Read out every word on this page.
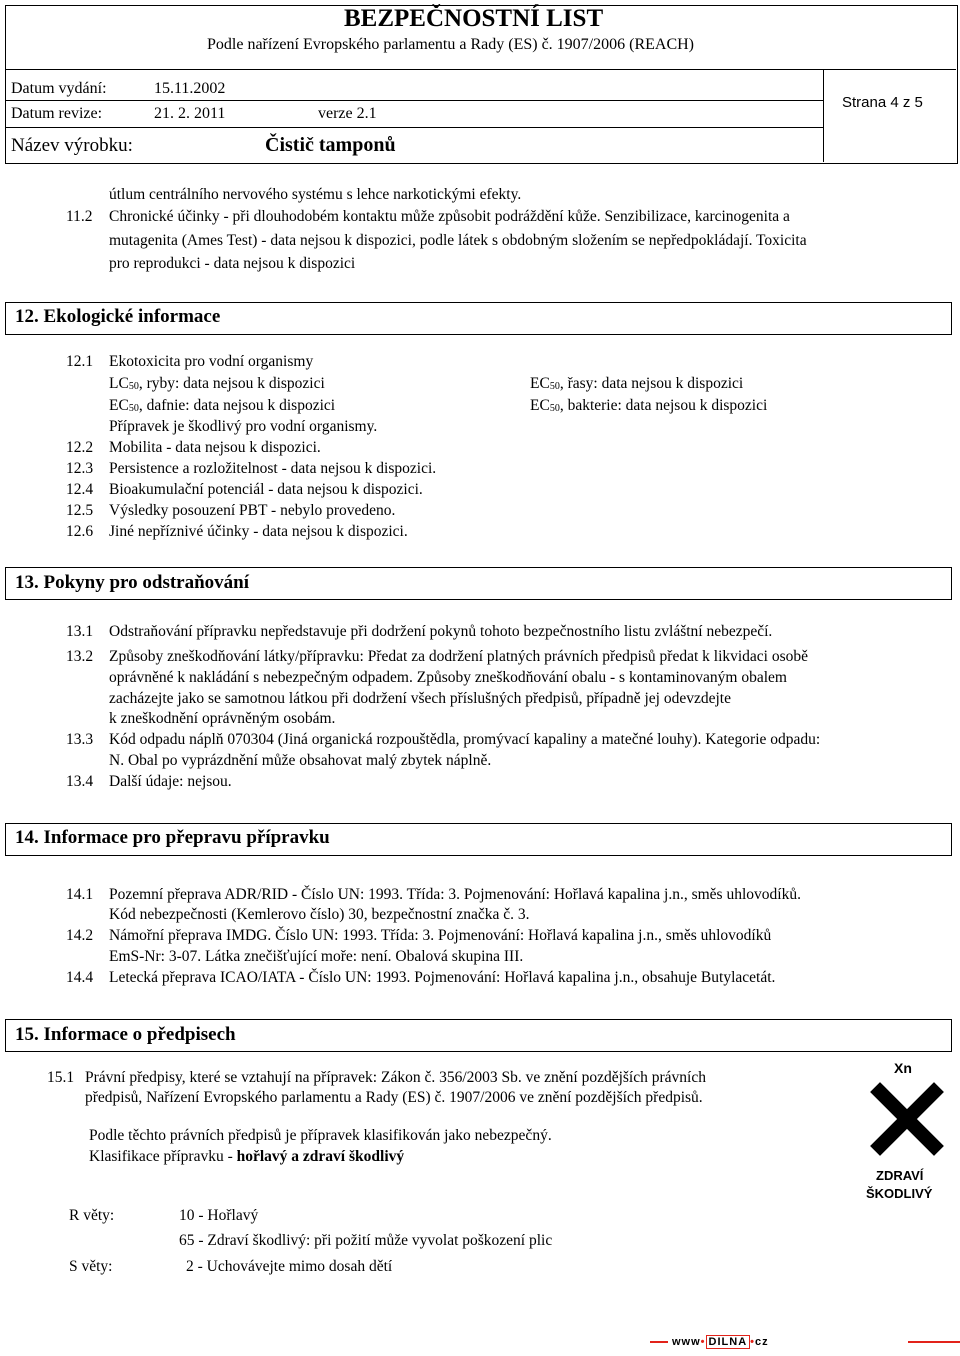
BEZPEČNOSTNÍ LIST
Podle nařízení Evropského parlamentu a Rady (ES) č. 1907/2006 (REACH)
Datum vydání:	15.11.2002
Datum revize:	21. 2. 2011	verze 2.1
Název výrobku:	Čistič tamponů
Strana 4 z 5
útlum centrálního nervového systému s lehce narkotickými efekty.
11.2 Chronické účinky - při dlouhodobém kontaktu může způsobit podráždění kůže. Senzibilizace, karcinogenita a
mutagenita (Ames Test) - data nejsou k dispozici, podle látek s obdobným složením se nepředpokládají. Toxicita
pro reprodukci - data nejsou k dispozici
12. Ekologické informace
12.1 Ekotoxicita pro vodní organismy
$LC_{50}$, ryby: data nejsou k dispozici	$EC_{50}$, řasy: data nejsou k dispozici
$EC_{50}$, dafnie: data nejsou k dispozici	$EC_{50}$, bakterie: data nejsou k dispozici
Přípravek je škodlivý pro vodní organismy.
12.2 Mobilita - data nejsou k dispozici.
12.3 Persistence a rozložitelnost - data nejsou k dispozici.
12.4 Bioakumulační potenciál - data nejsou k dispozici.
12.5 Výsledky posouzení PBT - nebylo provedeno.
12.6 Jiné nepříznivé účinky - data nejsou k dispozici.
13. Pokyny pro odstraňování
13.1 Odstraňování přípravku nepředstavuje při dodržení pokynů tohoto bezpečnostního listu zvláštní nebezpečí.
13.2 Způsoby zneškodňování látky/přípravku: Předat za dodržení platných právních předpisů předat k likvidaci osobě
oprávněné k nakládání s nebezpečným odpadem. Způsoby zneškodňování obalu - s kontaminovaným obalem
zacházejte jako se samotnou látkou při dodržení všech příslušných předpisů, případně jej odevzdejte
k zneškodnění oprávněným osobám.
13.3 Kód odpadu náplň 070304 (Jiná organická rozpouštědla, promývací kapaliny a matečné louhy). Kategorie odpadu:
N. Obal po vyprázdnění může obsahovat malý zbytek náplně.
13.4 Další údaje: nejsou.
14. Informace pro přepravu přípravku
14.1 Pozemní přeprava ADR/RID - Číslo UN: 1993. Třída: 3. Pojmenování: Hořlavá kapalina j.n., směs uhlovodíků.
Kód nebezpečnosti (Kemlerovo číslo) 30, bezpečnostní značka č. 3.
14.2 Námořní přeprava IMDG. Číslo UN: 1993. Třída: 3. Pojmenování: Hořlavá kapalina j.n., směs uhlovodíků
EmS-Nr: 3-07. Látka znečišťující moře: není. Obalová skupina III.
14.4 Letecká přeprava ICAO/IATA - Číslo UN: 1993. Pojmenování: Hořlavá kapalina j.n., obsahuje Butylacetát.
15. Informace o předpisech
15.1 Právní předpisy, které se vztahují na přípravek: Zákon č. 356/2003 Sb. ve znění pozdějších právních
předpisů, Nařízení Evropského parlamentu a Rady (ES) č. 1907/2006 ve znění pozdějších předpisů.
Podle těchto právních předpisů je přípravek klasifikován jako nebezpečný.
Klasifikace přípravku - hořlavý a zdraví škodlivý
R věty:	10 - Hořlavý
65 - Zdraví škodlivý: při požití může vyvolat poškození plic
S věty:	2 - Uchovávejte mimo dosah dětí
Xn
ZDRAVÍ
ŠKODLIVÝ
www• DILNA •cz
